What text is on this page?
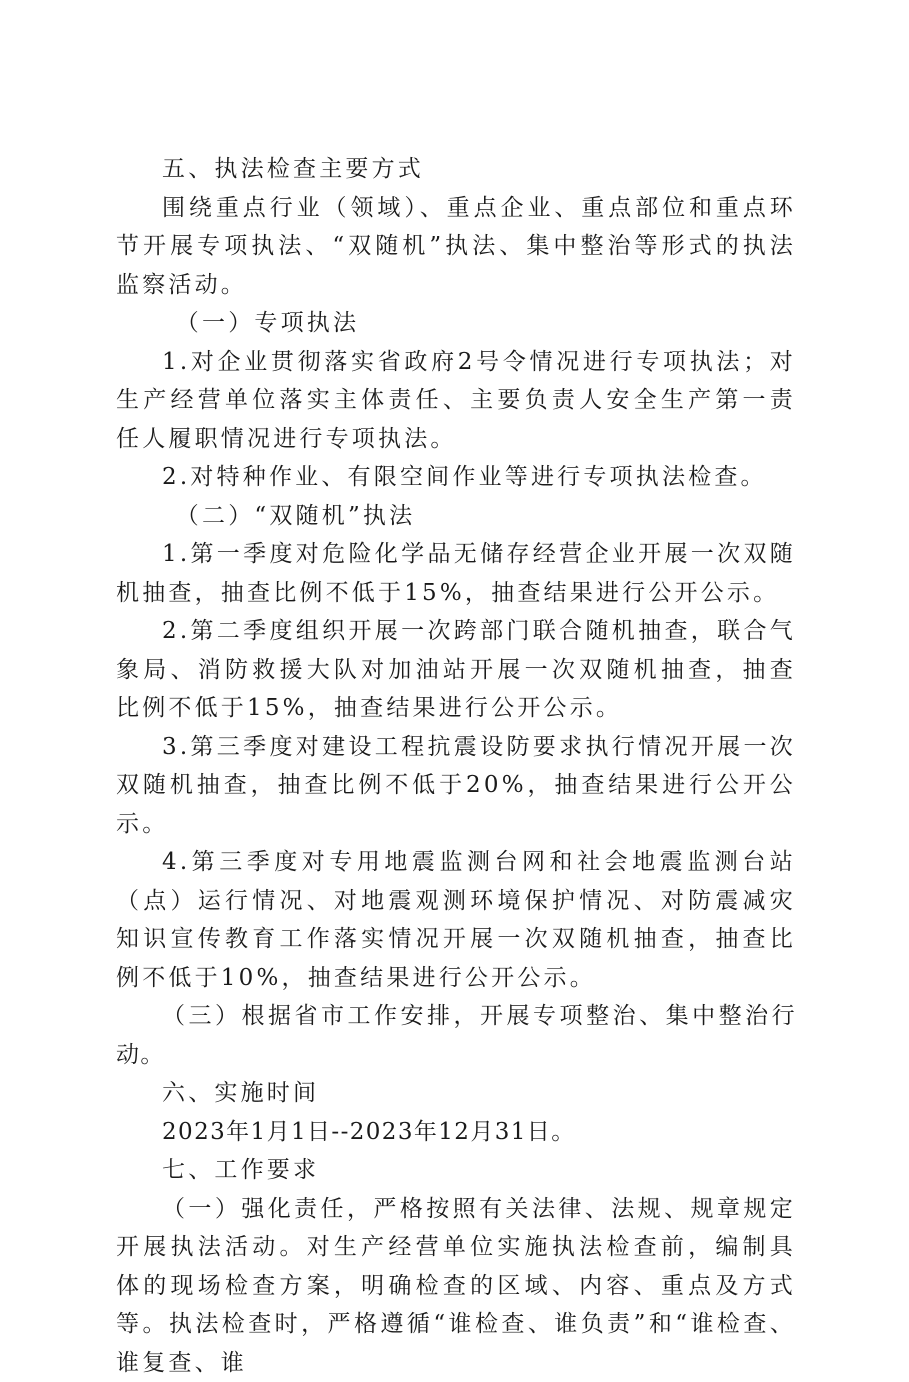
五、执法检查主要方式

围绕重点行业（领域）、重点企业、重点部位和重点环节开展专项执法、“双随机”执法、集中整治等形式的执法监察活动。

（一）专项执法

1.对企业贯彻落实省政府2号令情况进行专项执法；对生产经营单位落实主体责任、主要负责人安全生产第一责任人履职情况进行专项执法。

2.对特种作业、有限空间作业等进行专项执法检查。

（二）“双随机”执法

1.第一季度对危险化学品无储存经营企业开展一次双随机抽查，抽查比例不低于15%，抽查结果进行公开公示。

2.第二季度组织开展一次跨部门联合随机抽查，联合气象局、消防救援大队对加油站开展一次双随机抽查，抽查比例不低于15%，抽查结果进行公开公示。

3.第三季度对建设工程抗震设防要求执行情况开展一次双随机抽查，抽查比例不低于20%，抽查结果进行公开公示。

4.第三季度对专用地震监测台网和社会地震监测台站（点）运行情况、对地震观测环境保护情况、对防震减灾知识宣传教育工作落实情况开展一次双随机抽查，抽查比例不低于10%，抽查结果进行公开公示。

（三）根据省市工作安排，开展专项整治、集中整治行动。

六、实施时间

2023年1月1日--2023年12月31日。

七、工作要求

（一）强化责任，严格按照有关法律、法规、规章规定开展执法活动。对生产经营单位实施执法检查前，编制具体的现场检查方案，明确检查的区域、内容、重点及方式等。执法检查时，严格遵循“谁检查、谁负责”和“谁检查、谁复查、谁
